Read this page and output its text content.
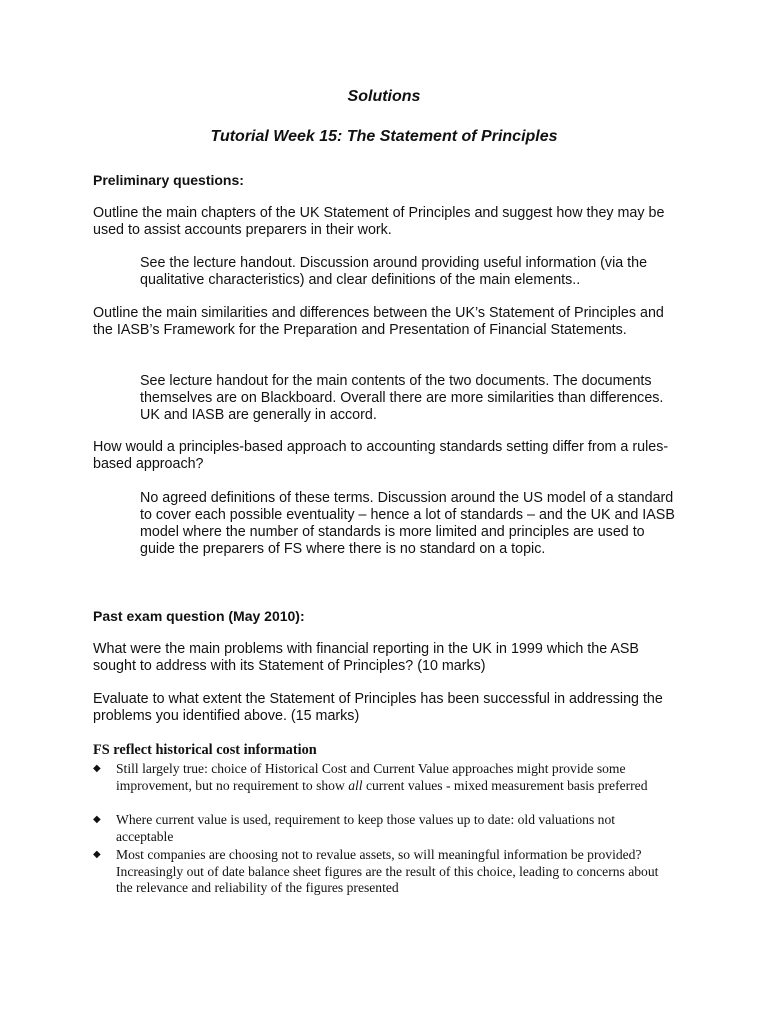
Solutions
Tutorial Week 15: The Statement of Principles
Preliminary questions:
Outline the main chapters of the UK Statement of Principles and suggest how they may be used to assist accounts preparers in their work.
See the lecture handout. Discussion around providing useful information (via the qualitative characteristics) and clear definitions of the main elements..
Outline the main similarities and differences between the UK’s Statement of Principles and the IASB’s Framework for the Preparation and Presentation of Financial Statements.
See lecture handout for the main contents of the two documents. The documents themselves are on Blackboard. Overall there are more similarities than differences. UK and IASB are generally in accord.
How would a principles-based approach to accounting standards setting differ from a rules-based approach?
No agreed definitions of these terms. Discussion around the US model of a standard to cover each possible eventuality – hence a lot of standards – and the UK and IASB model where the number of standards is more limited and principles are used to guide the preparers of FS where there is no standard on a topic.
Past exam question (May 2010):
What were the main problems with financial reporting in the UK in 1999 which the ASB sought to address with its Statement of Principles? (10 marks)
Evaluate to what extent the Statement of Principles has been successful in addressing the problems you identified above. (15 marks)
FS reflect historical cost information
◆ Still largely true: choice of Historical Cost and Current Value approaches might provide some improvement, but no requirement to show all current values - mixed measurement basis preferred
◆ Where current value is used, requirement to keep those values up to date: old valuations not acceptable
◆ Most companies are choosing not to revalue assets, so will meaningful information be provided? Increasingly out of date balance sheet figures are the result of this choice, leading to concerns about the relevance and reliability of the figures presented
